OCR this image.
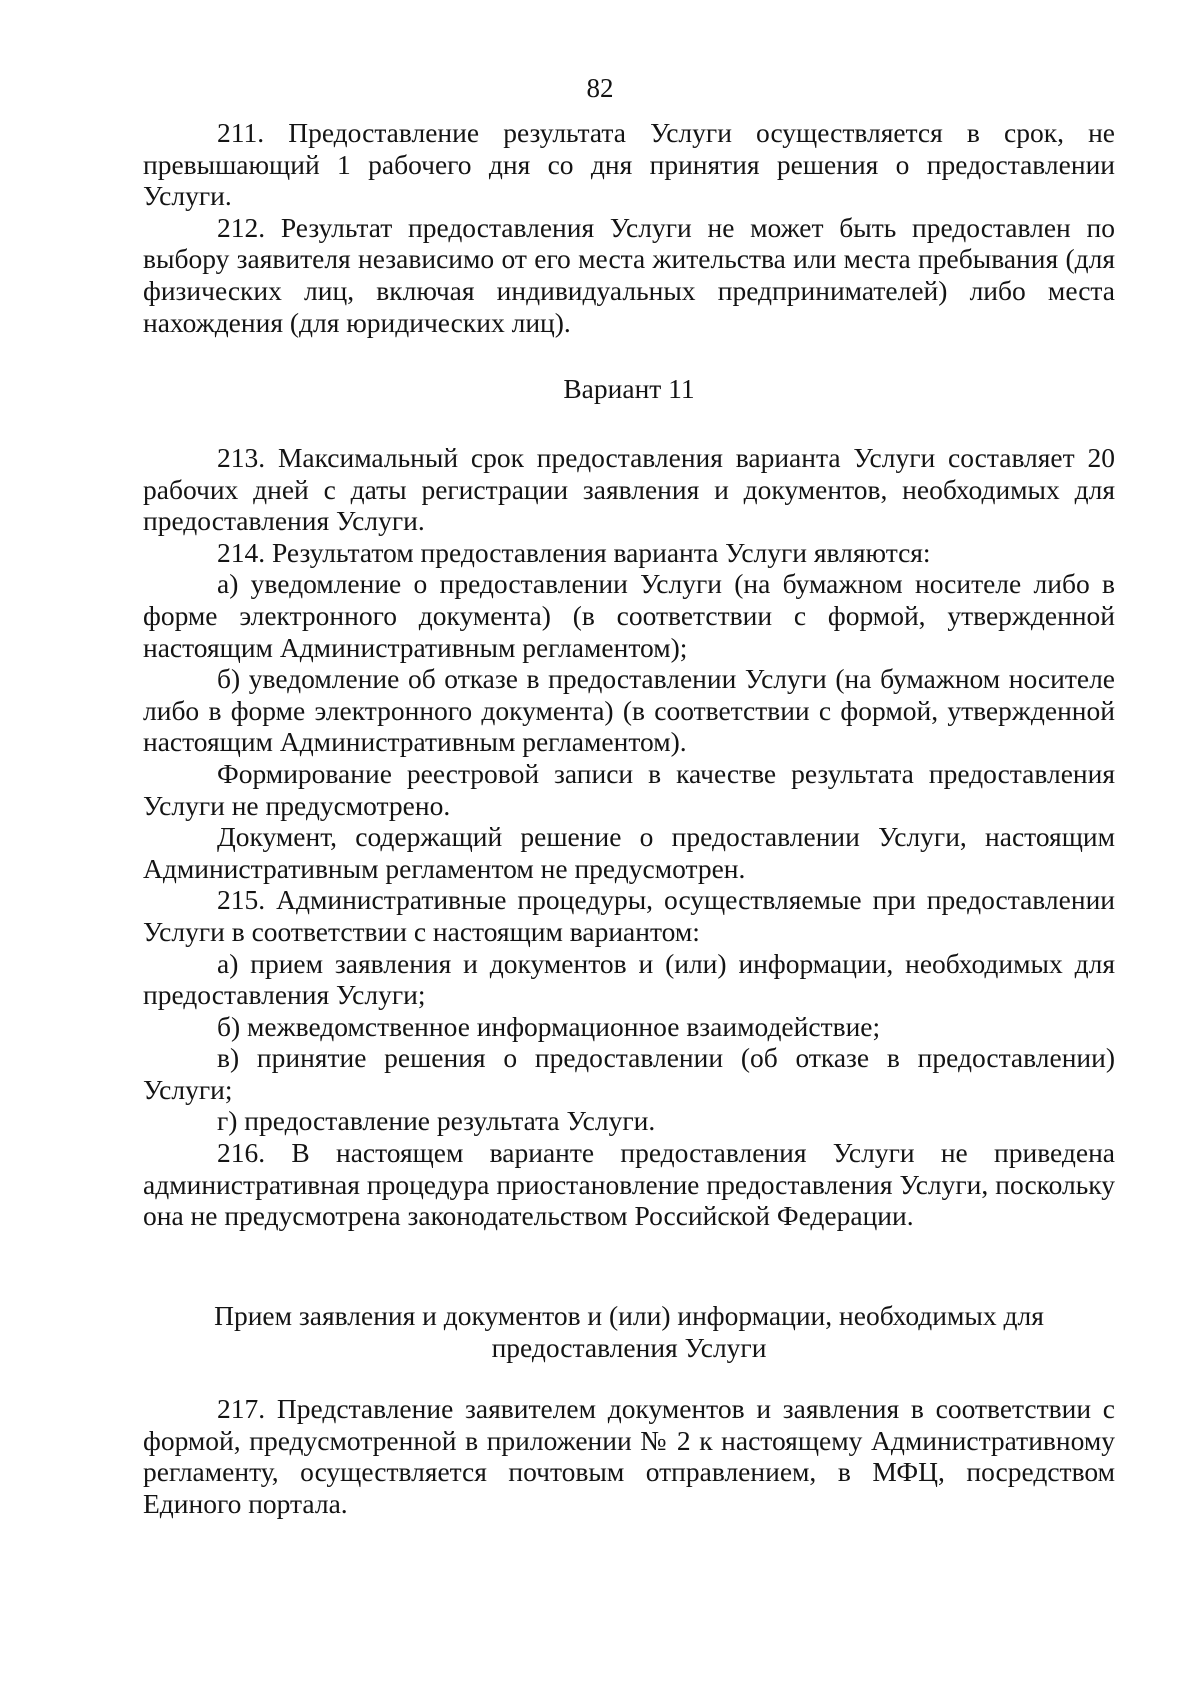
82

211. Предоставление результата Услуги осуществляется в срок, не превышающий 1 рабочего дня со дня принятия решения о предоставлении Услуги.

212. Результат предоставления Услуги не может быть предоставлен по выбору заявителя независимо от его места жительства или места пребывания (для физических лиц, включая индивидуальных предпринимателей) либо места нахождения (для юридических лиц).

Вариант 11

213. Максимальный срок предоставления варианта Услуги составляет 20 рабочих дней с даты регистрации заявления и документов, необходимых для предоставления Услуги.

214. Результатом предоставления варианта Услуги являются:

а) уведомление о предоставлении Услуги (на бумажном носителе либо в форме электронного документа) (в соответствии с формой, утвержденной настоящим Административным регламентом);

б) уведомление об отказе в предоставлении Услуги (на бумажном носителе либо в форме электронного документа) (в соответствии с формой, утвержденной настоящим Административным регламентом).

Формирование реестровой записи в качестве результата предоставления Услуги не предусмотрено.

Документ, содержащий решение о предоставлении Услуги, настоящим Административным регламентом не предусмотрен.

215. Административные процедуры, осуществляемые при предоставлении Услуги в соответствии с настоящим вариантом:

а) прием заявления и документов и (или) информации, необходимых для предоставления Услуги;

б) межведомственное информационное взаимодействие;

в) принятие решения о предоставлении (об отказе в предоставлении) Услуги;

г) предоставление результата Услуги.

216. В настоящем варианте предоставления Услуги не приведена административная процедура приостановление предоставления Услуги, поскольку она не предусмотрена законодательством Российской Федерации.

Прием заявления и документов и (или) информации, необходимых для

предоставления Услуги

217. Представление заявителем документов и заявления в соответствии с формой, предусмотренной в приложении № 2 к настоящему Административному регламенту, осуществляется почтовым отправлением, в МФЦ, посредством Единого портала.
